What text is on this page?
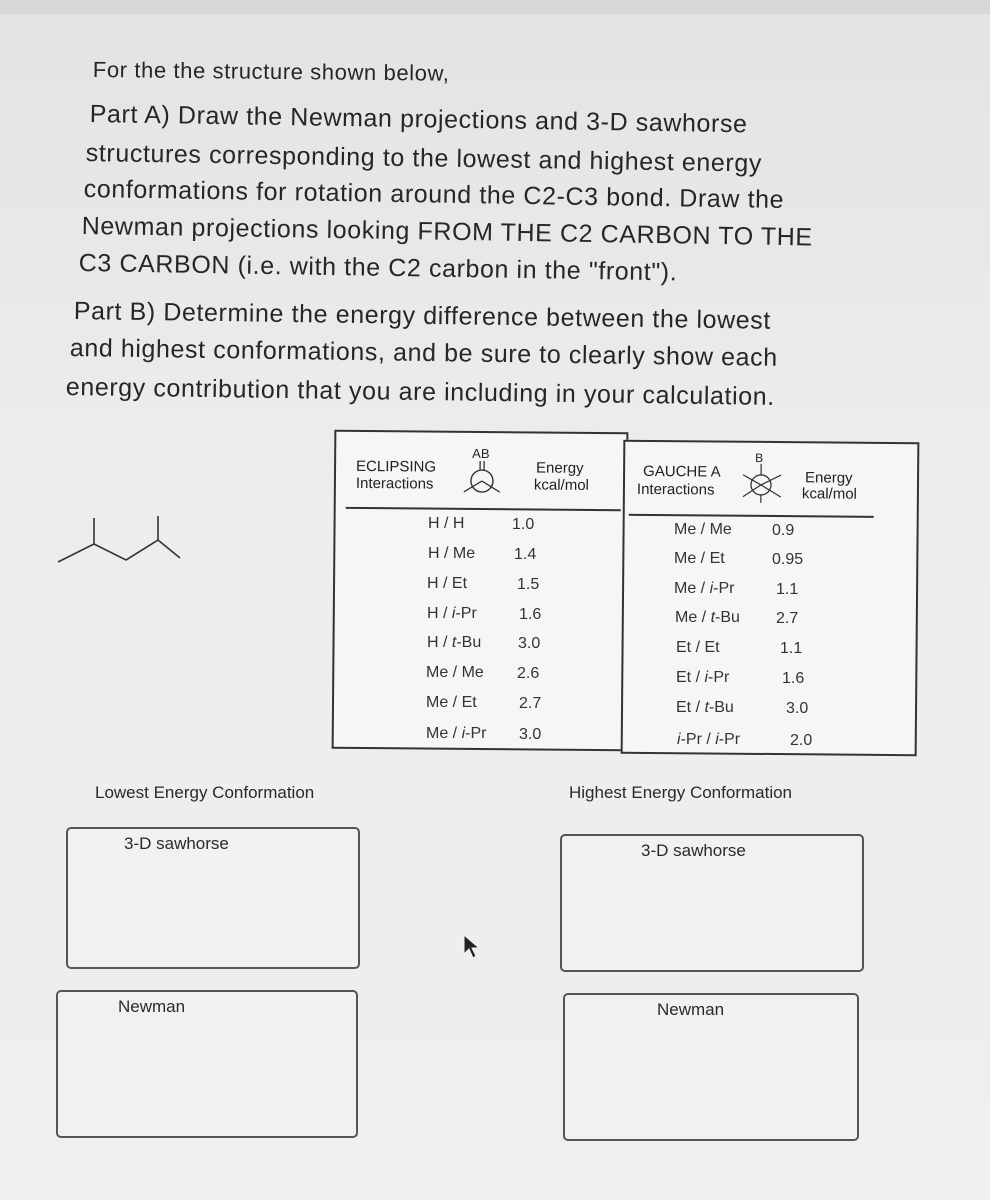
For the the structure shown below,
Part A) Draw the Newman projections and 3-D sawhorse
structures corresponding to the lowest and highest energy
conformations for rotation around the C2-C3 bond. Draw the
Newman projections looking FROM THE C2 CARBON TO THE
C3 CARBON (i.e. with the C2 carbon in the "front").
Part B) Determine the energy difference between the lowest
and highest conformations, and be sure to clearly show each
energy contribution that you are including in your calculation.
ECLIPSING
Interactions
AB
Energy
kcal/mol
H / H	1.0
H / Me 1.4
H / Et	1.5
H / i-Pr	1.6
H / t-Bu 3.0
Me / Me 2.6
Me / Et	2.7
Me / i-Pr 3.0
GAUCHE A
Interactions
B
Energy
kcal/mol
Me / Me	0.9
Me / Et	0.95
Me / i-Pr	1.1
Me / t-Bu 2.7
Et / Et	1.1
Et / i-Pr	1.6
Et / t-Bu	3.0
i-Pr / i-Pr	2.0
Lowest Energy Conformation	Highest Energy Conformation
3-D sawhorse
Newman
3-D sawhorse
Newman
